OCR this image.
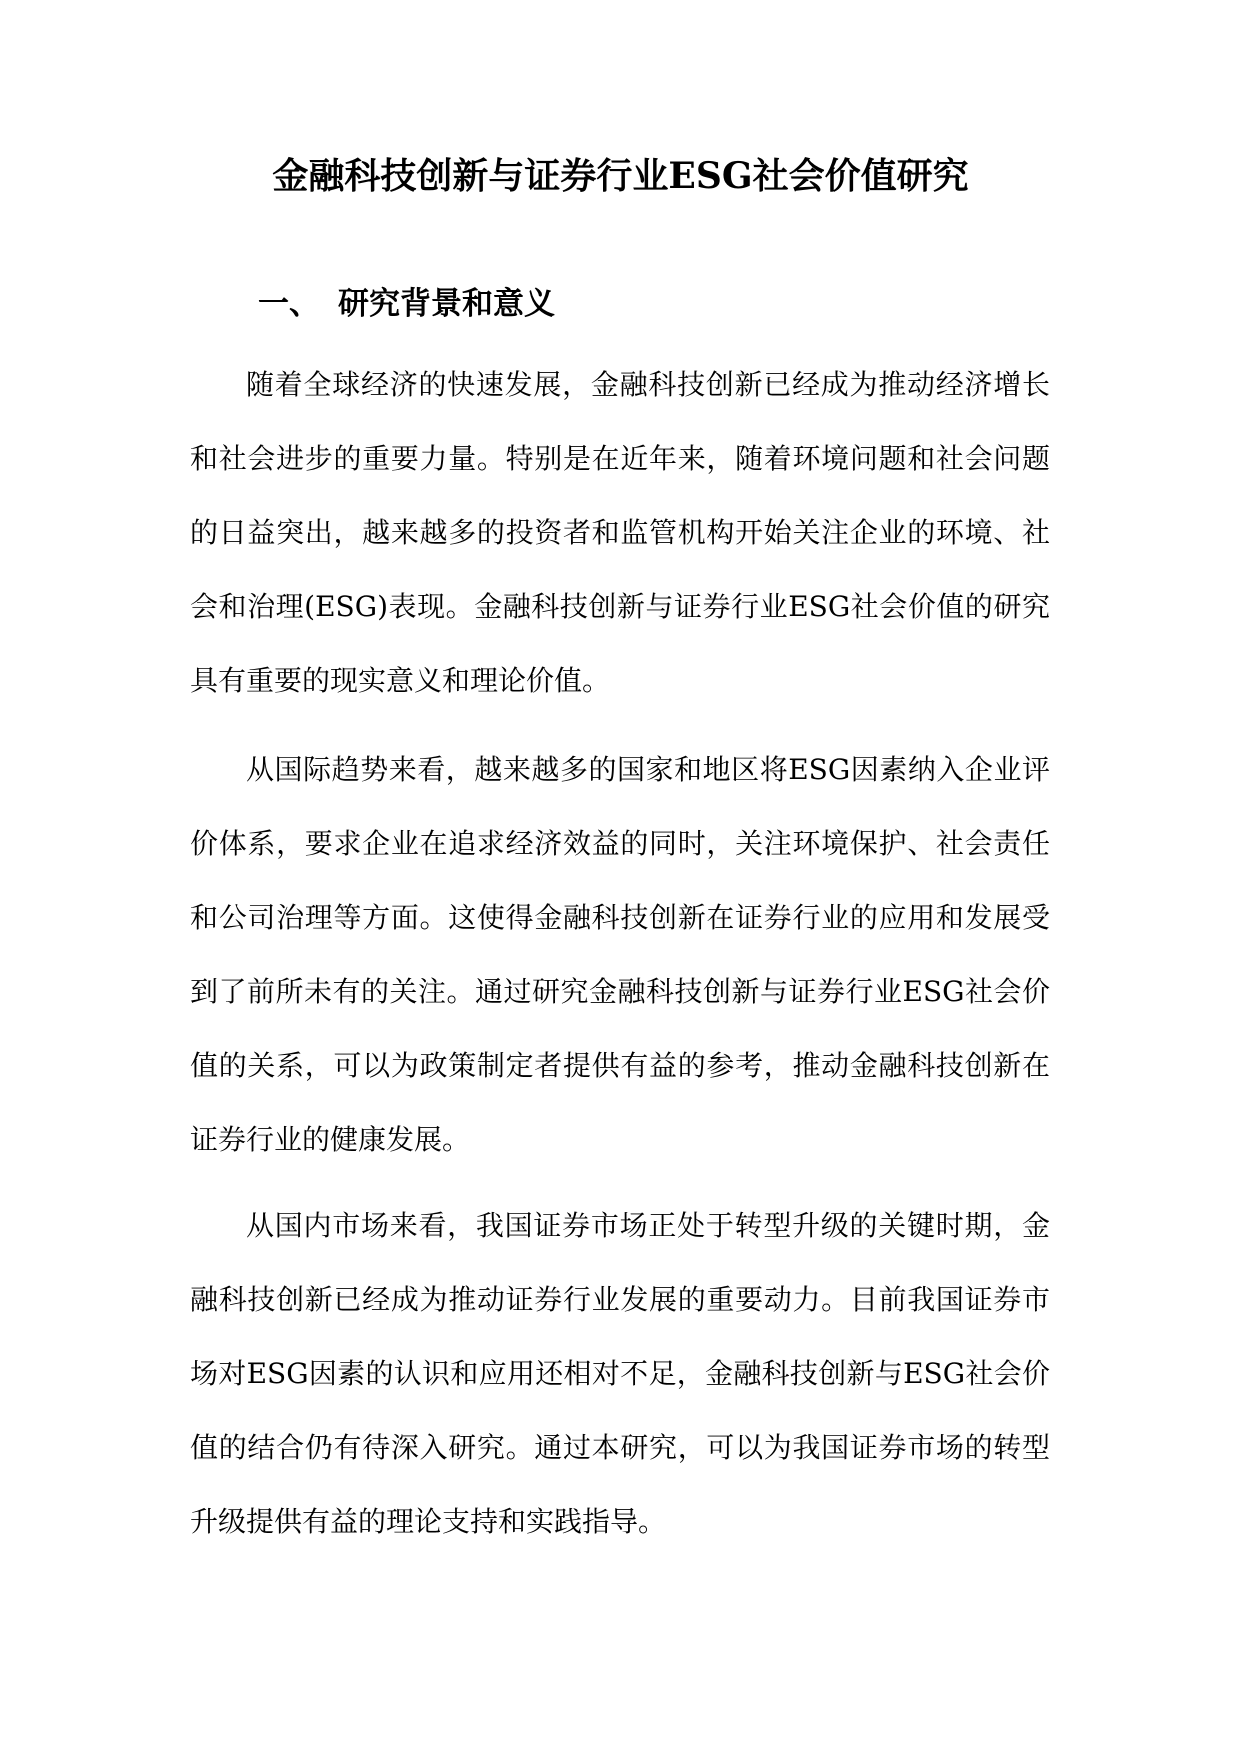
金融科技创新与证券行业ESG社会价值研究
一、 研究背景和意义

随着全球经济的快速发展，金融科技创新已经成为推动经济增长和社会进步的重要力量。特别是在近年来，随着环境问题和社会问题的日益突出，越来越多的投资者和监管机构开始关注企业的环境、社会和治理(ESG)表现。金融科技创新与证券行业ESG社会价值的研究具有重要的现实意义和理论价值。

从国际趋势来看，越来越多的国家和地区将ESG因素纳入企业评价体系，要求企业在追求经济效益的同时，关注环境保护、社会责任和公司治理等方面。这使得金融科技创新在证券行业的应用和发展受到了前所未有的关注。通过研究金融科技创新与证券行业ESG社会价值的关系，可以为政策制定者提供有益的参考，推动金融科技创新在证券行业的健康发展。

从国内市场来看，我国证券市场正处于转型升级的关键时期，金融科技创新已经成为推动证券行业发展的重要动力。目前我国证券市场对ESG因素的认识和应用还相对不足，金融科技创新与ESG社会价值的结合仍有待深入研究。通过本研究，可以为我国证券市场的转型升级提供有益的理论支持和实践指导。
